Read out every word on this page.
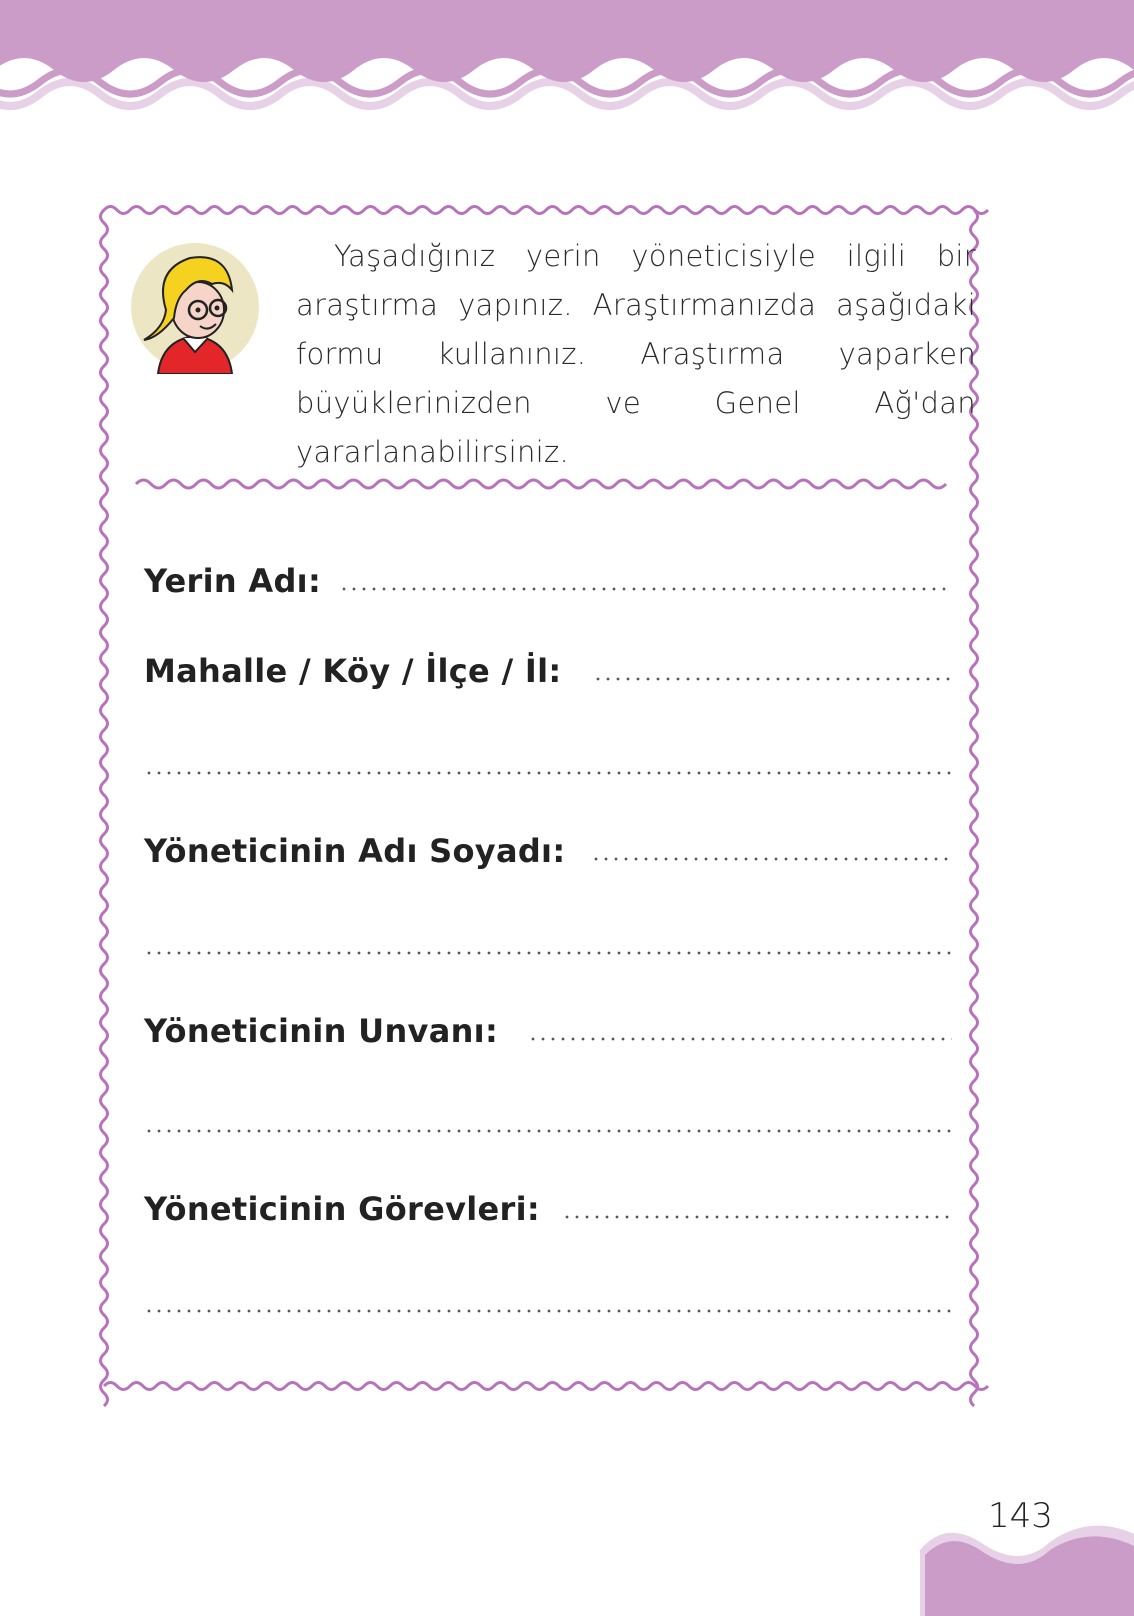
Yaşadığınız yerin yöneticisiyle ilgili bir araştırma yapınız. Araştırmanızda aşağıdaki formu kullanınız. Araştırma yaparken büyüklerinizden ve Genel Ağ'dan yararlanabilirsiniz.

Yerin Adı:
Mahalle / Köy / İlçe / İl:
Yöneticinin Adı Soyadı:
Yöneticinin Unvanı:
Yöneticinin Görevleri:
143
